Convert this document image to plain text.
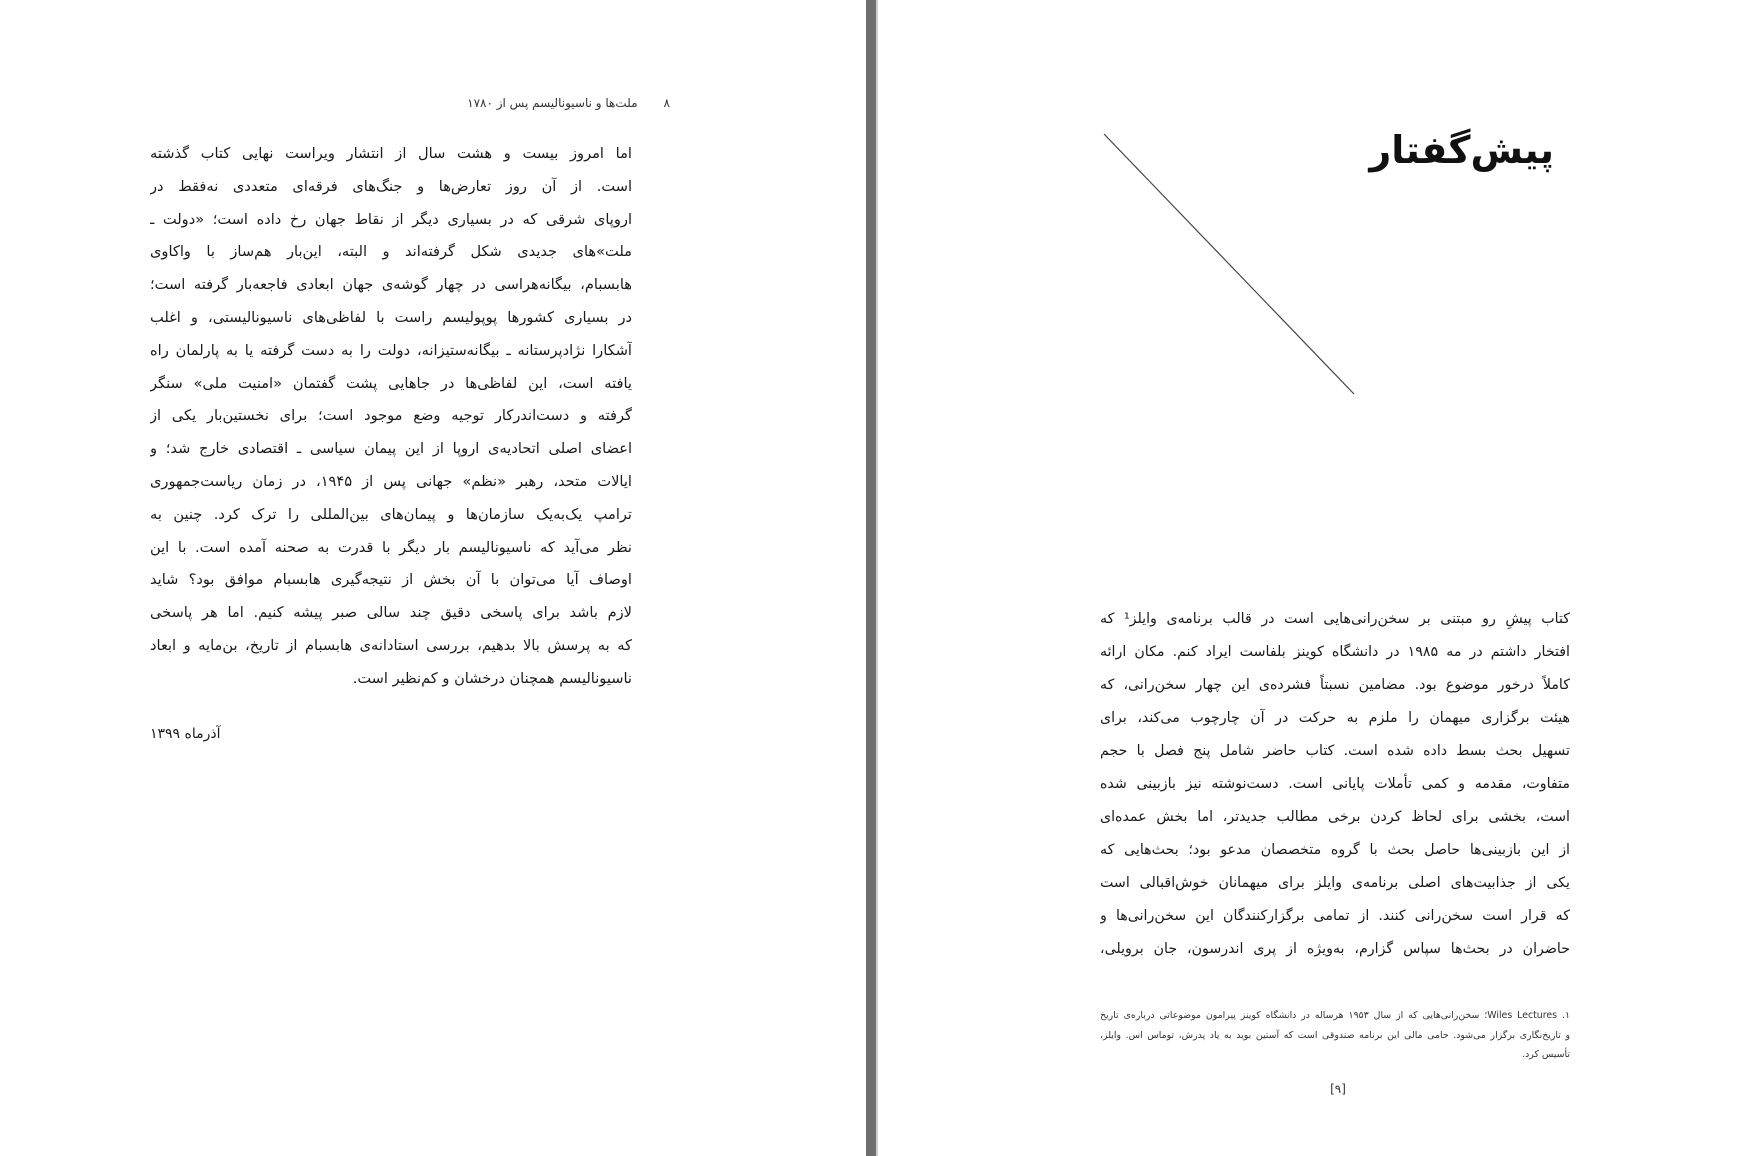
۸
ملت‌ها و ناسیونالیسم پس از ۱۷۸۰
اما امروز بیست و هشت سال از انتشار ویراست نهایی کتاب گذشته
است. از آن روز تعارض‌ها و جنگ‌های فرقه‌ای متعددی نه‌فقط در
اروپای شرقی که در بسیاری دیگر از نقاط جهان رخ داده است؛ «دولت ـ
ملت»های جدیدی شکل گرفته‌اند و البته، این‌بار هم‌ساز با واکاوی
هابسبام، بیگانه‌هراسی در چهار گوشه‌ی جهان ابعادی فاجعه‌بار گرفته است؛
در بسیاری کشورها پوپولیسم راست با لفاظی‌های ناسیونالیستی، و اغلب
آشکارا نژادپرستانه ـ بیگانه‌ستیزانه، دولت را به دست گرفته یا به پارلمان راه
یافته است، این لفاظی‌ها در جاهایی پشت گفتمان «امنیت ملی» سنگر
گرفته و دست‌اندرکار توجیه وضع موجود است؛ برای نخستین‌بار یکی از
اعضای اصلی اتحادیه‌ی اروپا از این پیمان سیاسی ـ اقتصادی خارج شد؛ و
ایالات متحد، رهبر «نظم» جهانی پس از ۱۹۴۵، در زمان ریاست‌جمهوری
ترامپ یک‌به‌یک سازمان‌ها و پیمان‌های بین‌المللی را ترک کرد. چنین به
نظر می‌آید که ناسیونالیسم بار دیگر با قدرت به صحنه آمده است. با این
اوصاف آیا می‌توان با آن بخش از نتیجه‌گیری هابسبام موافق بود؟ شاید
لازم باشد برای پاسخی دقیق چند سالی صبر پیشه کنیم. اما هر پاسخی
که به پرسش بالا بدهیم، بررسی استادانه‌ی هابسبام از تاریخ، بن‌مایه و ابعاد
ناسیونالیسم همچنان درخشان و کم‌نظیر است.
آذرماه ۱۳۹۹
پیش‌گفتار
کتاب پیشِ رو مبتنی بر سخن‌رانی‌هایی است در قالب برنامه‌ی وایلز¹ که
افتخار داشتم در مه ۱۹۸۵ در دانشگاه کوینز بلفاست ایراد کنم. مکان ارائه
کاملاً درخور موضوع بود. مضامین نسبتاً فشرده‌ی این چهار سخن‌رانی، که
هیئت برگزاری میهمان را ملزم به حرکت در آن چارچوب می‌کند، برای
تسهیل بحث بسط داده شده است. کتاب حاضر شامل پنج فصل با حجم
متفاوت، مقدمه و کمی تأملات پایانی است. دست‌نوشته نیز بازبینی شده
است، بخشی برای لحاظ کردن برخی مطالب جدیدتر، اما بخش عمده‌ای
از این بازبینی‌ها حاصل بحث با گروه متخصصان مدعو بود؛ بحث‌هایی که
یکی از جذابیت‌های اصلی برنامه‌ی وایلز برای میهمانان خوش‌اقبالی است
که قرار است سخن‌رانی کنند. از تمامی برگزارکنندگان این سخن‌رانی‌ها و
حاضران در بحث‌ها سپاس گزارم، به‌ویژه از پری اندرسون، جان برویلی،
۱. Wiles Lectures؛ سخن‌رانی‌هایی که از سال ۱۹۵۳ هرساله در دانشگاه کوینز پیرامون موضوعاتی درباره‌ی تاریخ
و تاریخ‌نگاری برگزار می‌شود. حامی مالی این برنامه صندوقی است که آستین بوید به یاد پدرش، توماس اس. وایلز،
تأسیس کرد.
[۹]
